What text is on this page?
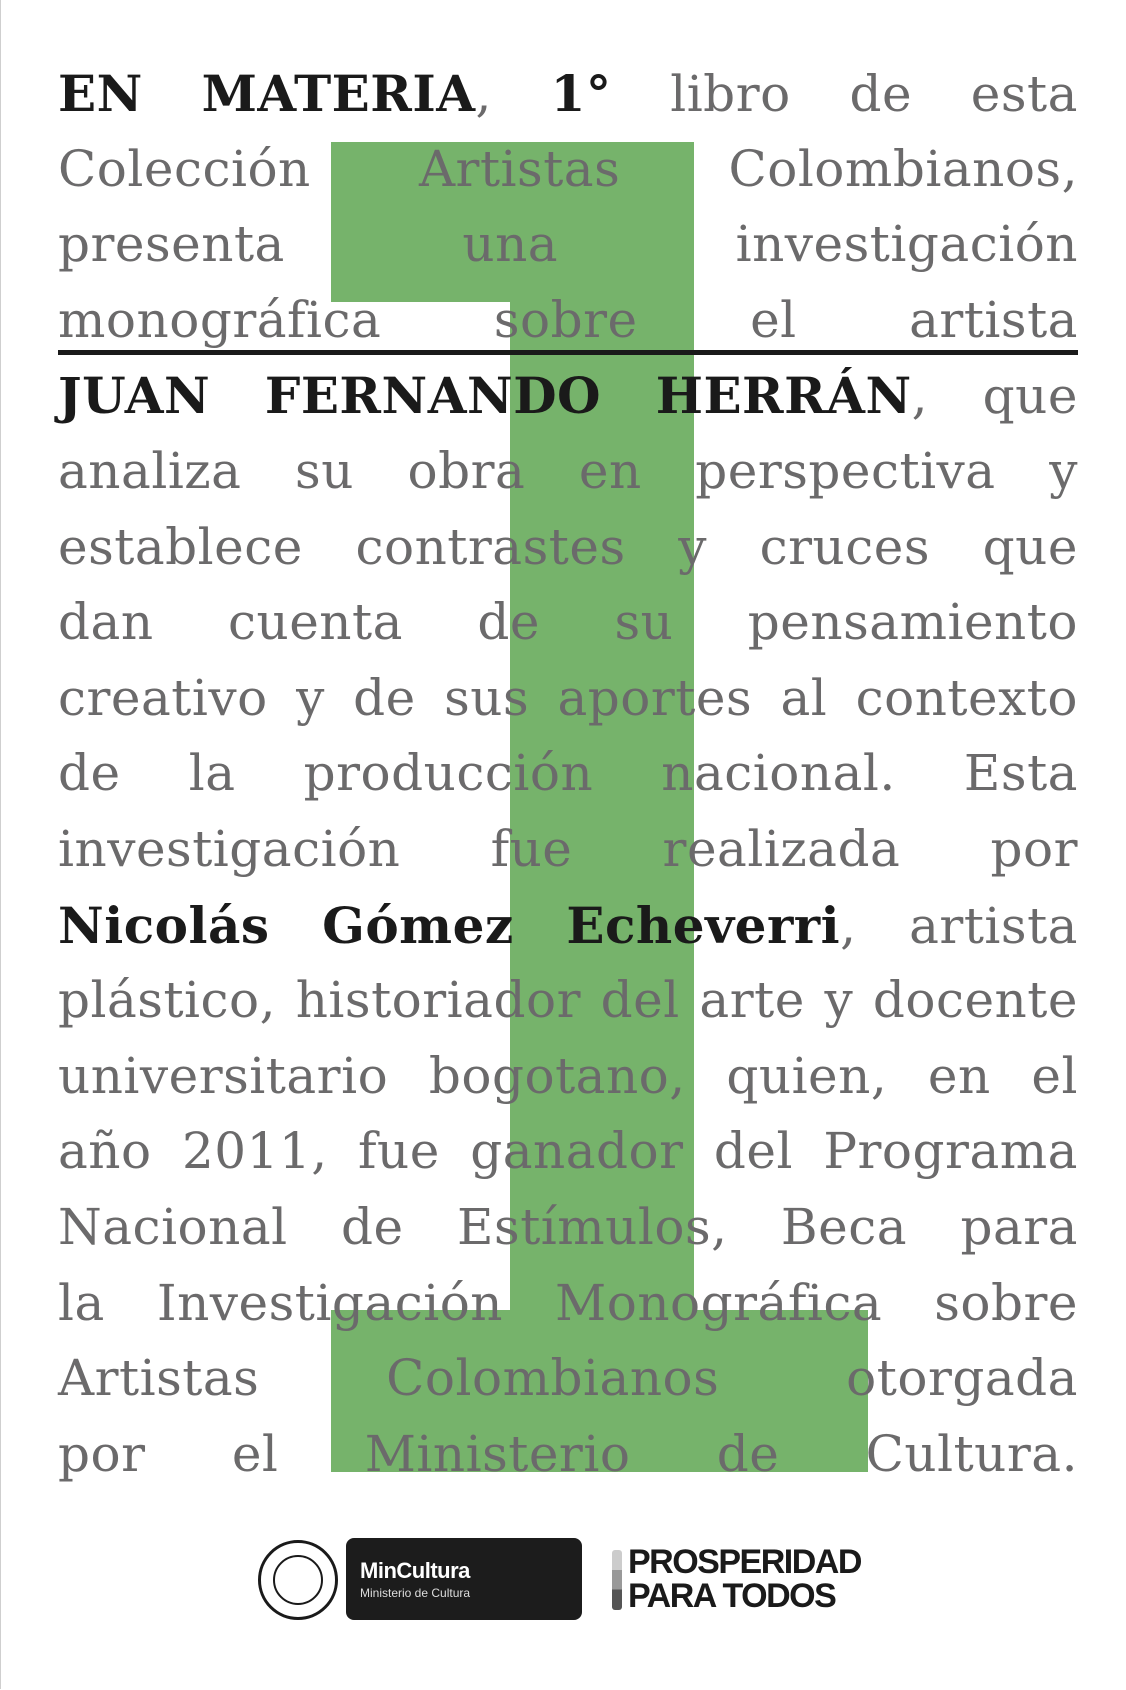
EN MATERIA, 1° libro de esta
Colección Artistas Colombianos,
presenta	una	investigación
monográfica sobre el artista
JUAN FERNANDO HERRÁN, que
analiza su obra en perspectiva y
establece contrastes y cruces que
dan cuenta de su pensamiento
creativo y de sus aportes al contexto
de la producción nacional. Esta
investigación fue realizada por
Nicolás Gómez Echeverri, artista
plástico, historiador del arte y docente
universitario bogotano, quien, en el
año 2011, fue ganador del Programa
Nacional de Estímulos, Beca para
la Investigación Monográfica sobre
Artistas	Colombianos	otorgada
por el Ministerio de Cultura.
MinCultura
Ministerio de Cultura
PROSPERIDAD
PARA TODOS
